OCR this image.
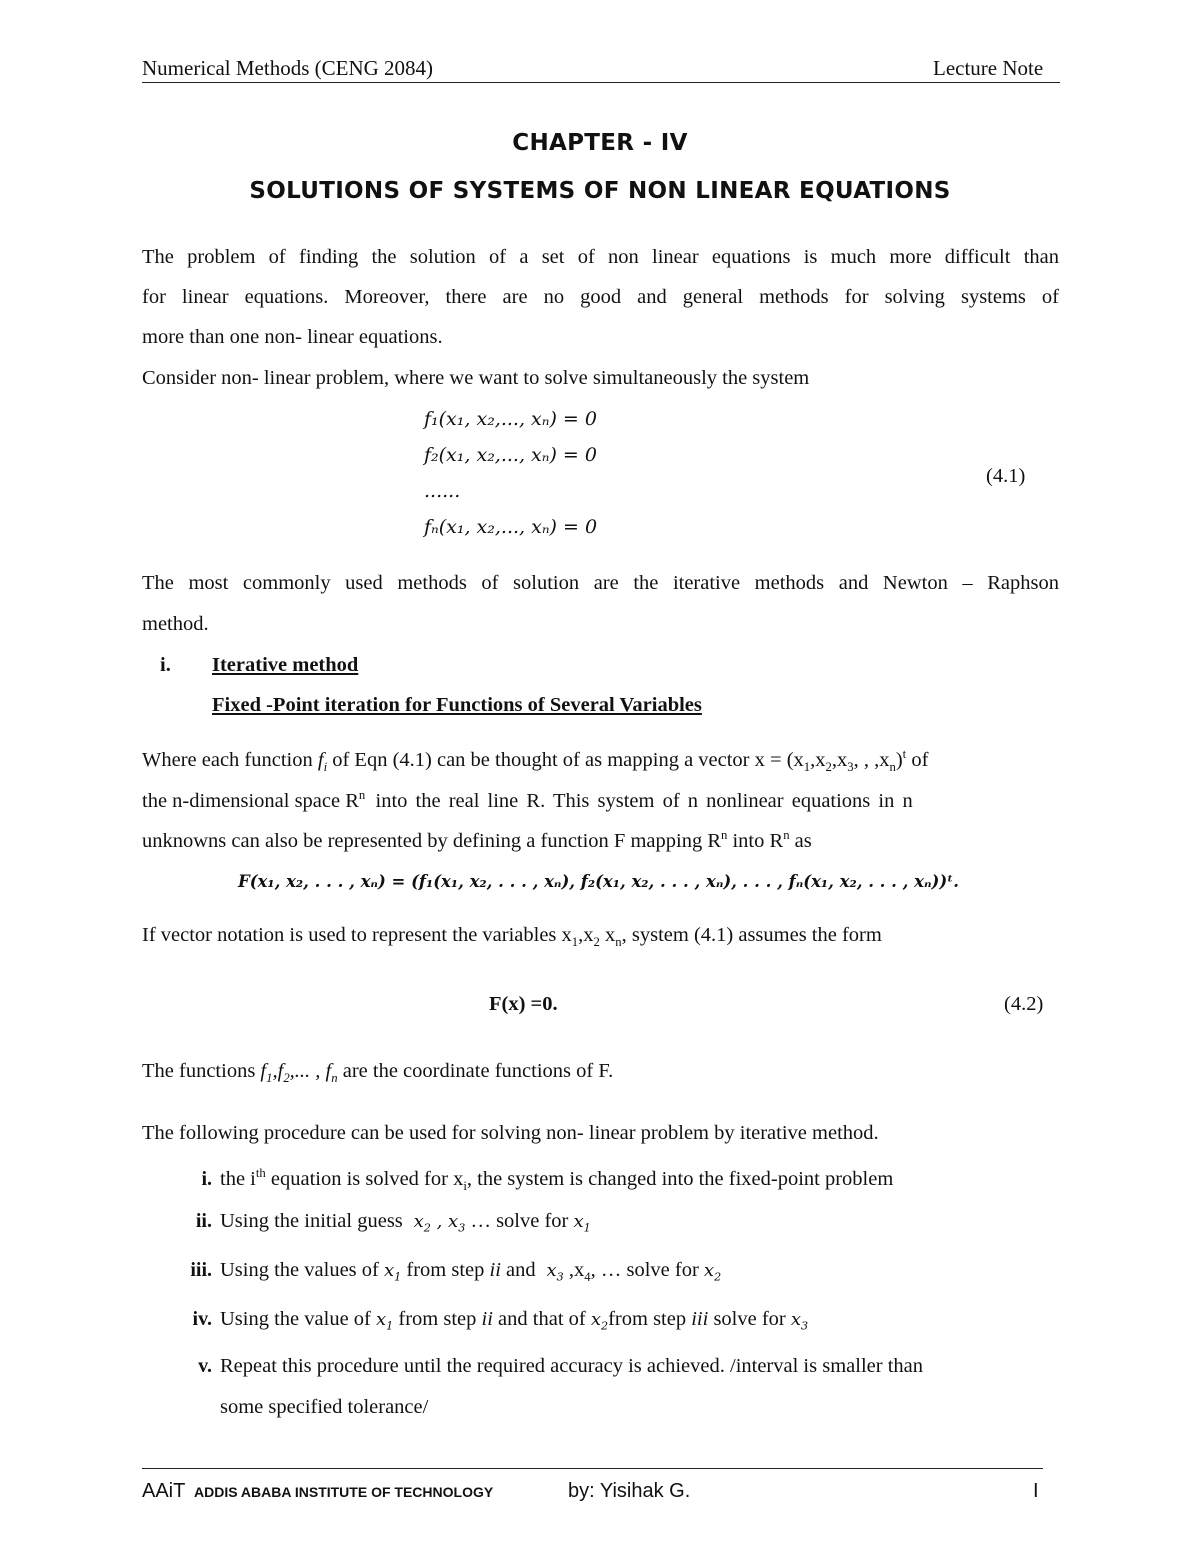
Numerical Methods (CENG 2084)	Lecture Note
CHAPTER - IV
SOLUTIONS OF SYSTEMS OF NON LINEAR EQUATIONS
The problem of finding the solution of a set of non linear equations is much more difficult than
for linear equations. Moreover, there are no good and general methods for solving systems of
more than one non- linear equations.
Consider non- linear problem, where we want to solve simultaneously the system
f₁(x₁, x₂,..., xₙ) = 0
f₂(x₁, x₂,..., xₙ) = 0
......
fₙ(x₁, x₂,..., xₙ) = 0
(4.1)
The most commonly used methods of solution are the iterative methods and Newton – Raphson
method.
i. Iterative method
Fixed -Point iteration for Functions of Several Variables
Where each function $f_i$ of Eqn (4.1) can be thought of as mapping a vector $x = (x_1,x_2,x_3$, , $,x_n)^t$ of
the n-dimensional space $R^n$ into the real line R. This system of n nonlinear equations in n
unknowns can also be represented by defining a function F mapping $R^n$ into $R^n$ as
F(x₁, x₂, . . . , xₙ) = (f₁(x₁, x₂, . . . , xₙ), f₂(x₁, x₂, . . . , xₙ), . . . , fₙ(x₁, x₂, . . . , xₙ))ᵗ.
If vector notation is used to represent the variables $x_1,x_2$ $x_n$, system (4.1) assumes the form
F(x) =0.	(4.2)
The functions $f_1,f_2$,... , $f_n$ are the coordinate functions of F.
The following procedure can be used for solving non- linear problem by iterative method.
i. the $i^{th}$ equation is solved for $x_i$, the system is changed into the fixed-point problem
ii. Using the initial guess  $x_2$ , $x_3$ … solve for $x_1$
iii. Using the values of $x_1$ from step ii and  $x_3$ $,x_4$, … solve for $x_2$
iv. Using the value of $x_1$ from step ii and that of $x_2from$ step iii solve for $x_3$
v. Repeat this procedure until the required accuracy is achieved. /interval is smaller than
some specified tolerance/
AAiT ADDIS ABABA INSTITUTE OF TECHNOLOGY	by: Yisihak G.	I
